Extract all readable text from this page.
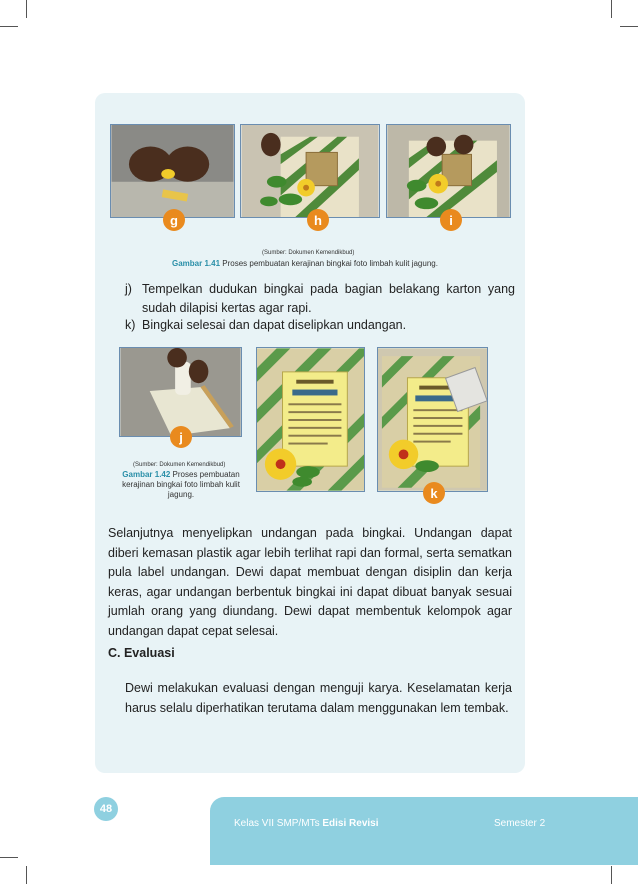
g	h	i
(Sumber: Dokumen Kemendikbud)
Gambar 1.41 Proses pembuatan kerajinan bingkai foto limbah kulit jagung.
j) Tempelkan dudukan bingkai pada bagian belakang karton yang sudah dilapisi kertas agar rapi.
k) Bingkai selesai dan dapat diselipkan undangan.
j
k
(Sumber: Dokumen Kemendikbud)
Gambar 1.42 Proses pembuatan kerajinan bingkai foto limbah kulit jagung.
Selanjutnya menyelipkan undangan pada bingkai. Undangan dapat diberi kemasan plastik agar lebih terlihat rapi dan formal, serta sematkan pula label undangan. Dewi dapat membuat dengan disiplin dan kerja keras, agar undangan berbentuk bingkai ini dapat dibuat banyak sesuai jumlah orang yang diundang. Dewi dapat membentuk kelompok agar undangan dapat cepat selesai.
C. Evaluasi
Dewi melakukan evaluasi dengan menguji karya. Keselamatan kerja harus selalu diperhatikan terutama dalam menggunakan lem tembak.
48
Kelas VII SMP/MTs Edisi Revisi	Semester 2
